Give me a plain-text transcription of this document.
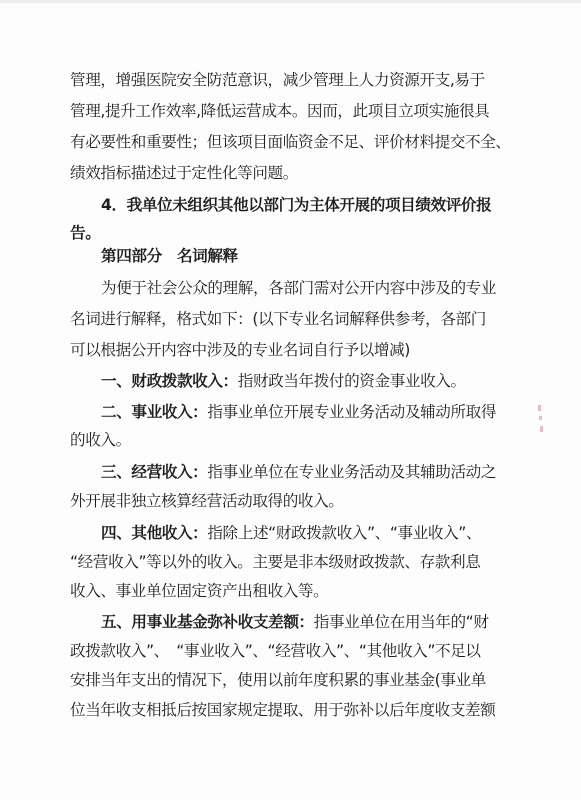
管理，增强医院安全防范意识，减少管理上人力资源开支,易于
管理,提升工作效率,降低运营成本。因而，此项目立项实施很具
有必要性和重要性；但该项目面临资金不足、评价材料提交不全、
绩效指标描述过于定性化等问题。
4．我单位未组织其他以部门为主体开展的项目绩效评价报
告。
第四部分　名词解释
为便于社会公众的理解，各部门需对公开内容中涉及的专业
名词进行解释，格式如下：(以下专业名词解释供参考，各部门
可以根据公开内容中涉及的专业名词自行予以增减)
一、财政拨款收入：指财政当年拨付的资金事业收入。
二、事业收入：指事业单位开展专业业务活动及辅动所取得
的收入。
三、经营收入：指事业单位在专业业务活动及其辅助活动之
外开展非独立核算经营活动取得的收入。
四、其他收入：指除上述“财政拨款收入”、“事业收入”、
“经营收入”等以外的收入。主要是非本级财政拨款、存款利息
收入、事业单位固定资产出租收入等。
五、用事业基金弥补收支差额：指事业单位在用当年的“财
政拨款收入”、　“事业收入”、“经营收入”、“其他收入”不足以
安排当年支出的情况下，使用以前年度积累的事业基金(事业单
位当年收支相抵后按国家规定提取、用于弥补以后年度收支差额
